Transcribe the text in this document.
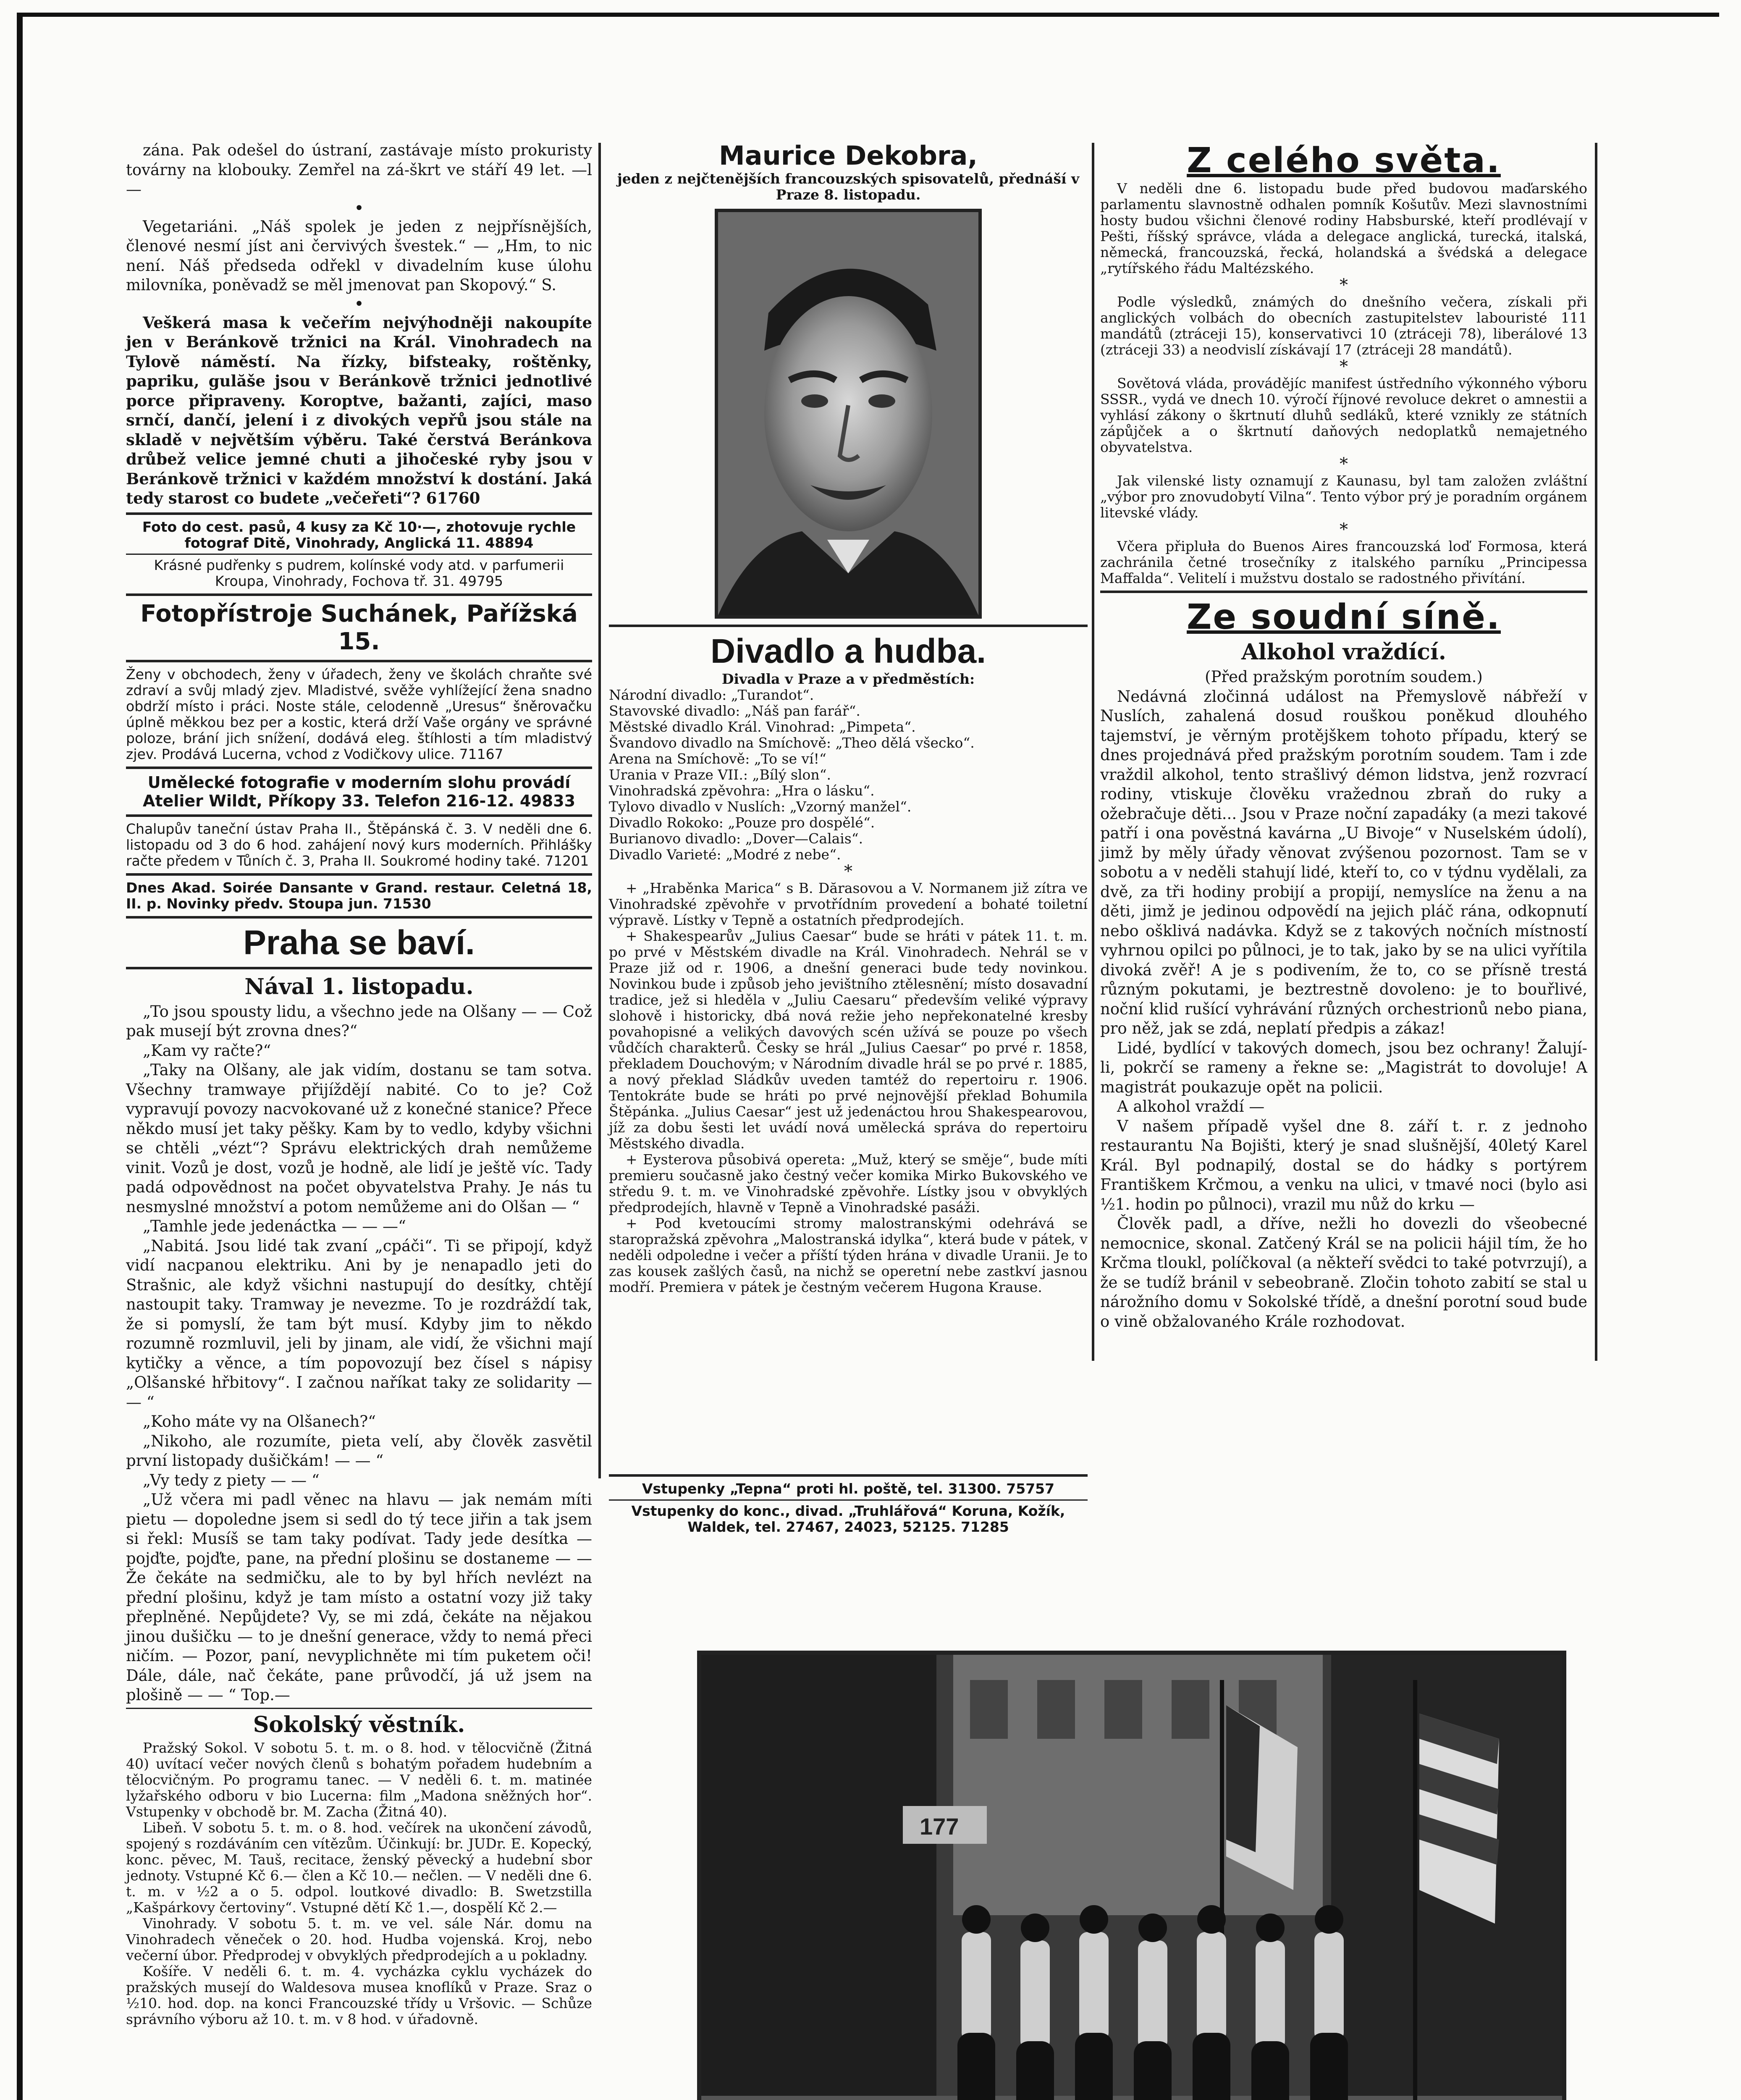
zána. Pak odešel do ústraní, zastávaje místo prokuristy továrny na klobouky. Zemřel na zá-škrt ve stáří 49 let. —l—

•

Vegetariáni. „Náš spolek je jeden z nejpřísnějších, členové nesmí jíst ani červivých švestek.“ — „Hm, to nic není. Náš předseda odřekl v divadelním kuse úlohu milovníka, poněvadž se měl jmenovat pan Skopový.“ S.

•

Veškerá masa k večeřím nejvýhodněji nakoupíte jen v Beránkově tržnici na Král. Vinohradech na Tylově náměstí. Na řízky, bifsteaky, roštěnky, papriku, gulăše jsou v Beránkově tržnici jednotlivé porce připraveny. Koroptve, bažanti, zajíci, maso srnčí, dančí, jelení i z divokých vepřů jsou stále na skladě v největším výběru. Také čerstvá Beránkova drůbež velice jemné chuti a jihočeské ryby jsou v Beránkově tržnici v každém množství k dostání. Jaká tedy starost co budete „večeřeti“? 61760

Foto do cest. pasů, 4 kusy za Kč 10·—, zhotovuje rychle fotograf Ditě, Vinohrady, Anglická 11. 48894

Krásné pudřenky s pudrem, kolínské vody atd. v parfumerii Kroupa, Vinohrady, Fochova tř. 31. 49795

Fotopřístroje Suchánek, Pařížská 15.

Ženy v obchodech, ženy v úřadech, ženy ve školách chraňte své zdraví a svůj mladý zjev. Mladistvé, svěže vyhlížející žena snadno obdrží místo i práci. Noste stále, celodenně „Uresus“ šněrovačku úplně měkkou bez per a kostic, která drží Vaše orgány ve správné poloze, brání jich snížení, dodává eleg. štíhlosti a tím mladistvý zjev. Prodává Lucerna, vchod z Vodičkovy ulice. 71167

Umělecké fotografie v moderním slohu provádí Atelier Wildt, Příkopy 33. Telefon 216-12. 49833

Chalupův taneční ústav Praha II., Štěpánská č. 3. V neděli dne 6. listopadu od 3 do 6 hod. zahájení nový kurs moderních. Přihlášky račte předem v Tůních č. 3, Praha II. Soukromé hodiny také. 71201

Dnes Akad. Soirée Dansante v Grand. restaur. Celetná 18, II. p. Novinky předv. Stoupa jun. 71530

Praha se baví.
Nával 1. listopadu.

„To jsou spousty lidu, a všechno jede na Olšany — — Což pak musejí být zrovna dnes?“

„Kam vy račte?“

„Taky na Olšany, ale jak vidím, dostanu se tam sotva. Všechny tramwaye přijíždějí nabité. Co to je? Což vypravují povozy nacvokované už z konečné stanice? Přece někdo musí jet taky pěšky. Kam by to vedlo, kdyby všichni se chtěli „vézt“? Správu elektrických drah nemůžeme vinit. Vozů je dost, vozů je hodně, ale lidí je ještě víc. Tady padá odpovědnost na počet obyvatelstva Prahy. Je nás tu nesmyslné množství a potom nemůžeme ani do Olšan — “

„Tamhle jede jedenáctka — — —“

„Nabitá. Jsou lidé tak zvaní „cpáči“. Ti se připojí, když vidí nacpanou elektriku. Ani by je nenapadlo jeti do Strašnic, ale když všichni nastupují do desítky, chtějí nastoupit taky. Tramway je nevezme. To je rozdráždí tak, že si pomyslí, že tam být musí. Kdyby jim to někdo rozumně rozmluvil, jeli by jinam, ale vidí, že všichni mají kytičky a věnce, a tím popovozují bez čísel s nápisy „Olšanské hřbitovy“. I začnou naříkat taky ze solidarity — — “

„Koho máte vy na Olšanech?“

„Nikoho, ale rozumíte, pieta velí, aby člověk zasvětil první listopady dušičkám! — — “

„Vy tedy z piety — — “

„Už včera mi padl věnec na hlavu — jak nemám míti pietu — dopoledne jsem si sedl do tý tece jiřin a tak jsem si řekl: Musíš se tam taky podívat. Tady jede desítka — pojďte, pojďte, pane, na přední plošinu se dostaneme — — Že čekáte na sedmičku, ale to by byl hřích nevlézt na přední plošinu, když je tam místo a ostatní vozy již taky přeplněné. Nepůjdete? Vy, se mi zdá, čekáte na nějakou jinou dušičku — to je dnešní generace, vždy to nemá přeci ničím. — Pozor, paní, nevyplichněte mi tím puketem oči! Dále, dále, nač čekáte, pane průvodčí, já už jsem na plošině — — “ Top.—

Sokolský věstník.

Pražský Sokol. V sobotu 5. t. m. o 8. hod. v tělocvičně (Žitná 40) uvítací večer nových členů s bohatým pořadem hudebním a tělocvičným. Po programu tanec. — V neděli 6. t. m. matinée lyžařského odboru v bio Lucerna: film „Madona sněžných hor“. Vstupenky v obchodě br. M. Zacha (Žitná 40).

Libeň. V sobotu 5. t. m. o 8. hod. večírek na ukončení závodů, spojený s rozdáváním cen vítězům. Účinkují: br. JUDr. E. Kopecký, konc. pěvec, M. Tauš, recitace, ženský pěvecký a hudební sbor jednoty. Vstupné Kč 6.— člen a Kč 10.— nečlen. — V neděli dne 6. t. m. v ½2 a o 5. odpol. loutkové divadlo: B. Swetzstilla „Kašpárkovy čertoviny“. Vstupné dětí Kč 1.—, dospělí Kč 2.—

Vinohrady. V sobotu 5. t. m. ve vel. sále Nár. domu na Vinohradech věneček o 20. hod. Hudba vojenská. Kroj, nebo večerní úbor. Předprodej v obvyklých předprodejích a u pokladny.

Košíře. V neděli 6. t. m. 4. vycházka cyklu vycházek do pražských musejí do Waldesova musea knoflíků v Praze. Sraz o ½10. hod. dop. na konci Francouzské třídy u Vršovic. — Schůze správního výboru až 10. t. m. v 8 hod. v úřadovně.

Maurice Dekobra,

jeden z nejčtenějších francouzských spisovatelů, přednáší v Praze 8. listopadu.

Divadlo a hudba.

Divadla v Praze a v předměstích:

Národní divadlo: „Turandot“.

Stavovské divadlo: „Náš pan farář“.

Městské divadlo Král. Vinohrad: „Pimpeta“.

Švandovo divadlo na Smíchově: „Theo dělá všecko“.

Arena na Smíchově: „To se ví!“

Urania v Praze VII.: „Bílý slon“.

Vinohradská zpěvohra: „Hra o lásku“.

Tylovo divadlo v Nuslích: „Vzorný manžel“.

Divadlo Rokoko: „Pouze pro dospělé“.

Burianovo divadlo: „Dover—Calais“.

Divadlo Varieté: „Modré z nebe“.

*

+ „Hraběnka Marica“ s B. Dărasovou a V. Normanem již zítra ve Vinohradské zpěvohře v prvotřídním provedení a bohaté toiletní výpravě. Lístky v Tepně a ostatních předprodejích.

+ Shakespearův „Julius Caesar“ bude se hráti v pátek 11. t. m. po prvé v Městském divadle na Král. Vinohradech. Nehrál se v Praze již od r. 1906, a dnešní generaci bude tedy novinkou. Novinkou bude i způsob jeho jevištního ztělesnění; místo dosavadní tradice, jež si hleděla v „Juliu Caesaru“ především veliké výpravy slohově i historicky, dbá nová režie jeho nepřekonatelné kresby povahopisné a velikých davových scén užívá se pouze po všech vůdčích charakterů. Česky se hrál „Julius Caesar“ po prvé r. 1858, překladem Douchovým; v Národním divadle hrál se po prvé r. 1885, a nový překlad Sládkův uveden tamtéž do repertoiru r. 1906. Tentokráte bude se hráti po prvé nejnovější překlad Bohumila Štěpánka. „Julius Caesar“ jest už jedenáctou hrou Shakespearovou, jíž za dobu šesti let uvádí nová umělecká správa do repertoiru Městského divadla.

+ Eysterova působivá opereta: „Muž, který se směje“, bude míti premieru současně jako čestný večer komika Mirko Bukovského ve středu 9. t. m. ve Vinohradské zpěvohře. Lístky jsou v obvyklých předprodejích, hlavně v Tepně a Vinohradské pasáži.

+ Pod kvetoucími stromy malostranskými odehrává se staropražská zpěvohra „Malostranská idylka“, která bude v pátek, v neděli odpoledne i večer a příští týden hrána v divadle Uranii. Je to zas kousek zašlých časů, na nichž se operetní nebe zastkví jasnou modří. Premiera v pátek je čestným večerem Hugona Krause.

Vstupenky „Tepna“ proti hl. poště, tel. 31300. 75757

Vstupenky do konc., divad. „Truhlářová“ Koruna, Kožík, Waldek, tel. 27467, 24023, 52125. 71285

Z celého světa.

V neděli dne 6. listopadu bude před budovou maďarského parlamentu slavnostně odhalen pomník Košutův. Mezi slavnostními hosty budou všichni členové rodiny Habsburské, kteří prodlévají v Pešti, říšský správce, vláda a delegace anglická, turecká, italská, německá, francouzská, řecká, holandská a švédská a delegace „rytířského řádu Maltézského.

*

Podle výsledků, známých do dnešního večera, získali při anglických volbách do obecních zastupitelstev labouristé 111 mandátů (ztráceji 15), konservativci 10 (ztráceji 78), liberálové 13 (ztráceji 33) a neodvislí získávají 17 (ztráceji 28 mandátů).

*

Sovětová vláda, provádějíc manifest ústředního výkonného výboru SSSR., vydá ve dnech 10. výročí říjnové revoluce dekret o amnestii a vyhlásí zákony o škrtnutí dluhů sedláků, které vznikly ze státních zápůjček a o škrtnutí daňových nedoplatků nemajetného obyvatelstva.

*

Jak vilenské listy oznamují z Kaunasu, byl tam založen zvláštní „výbor pro znovudobytí Vilna“. Tento výbor prý je poradním orgánem litevské vlády.

*

Včera připluła do Buenos Aires francouzská loď Formosa, která zachránila četné trosečníky z italského parníku „Principessa Maffalda“. Velitelí i mužstvu dostalo se radostného přivítání.

Ze soudní síně.
Alkohol vraždící.

(Před pražským porotním soudem.)

Nedávná zločinná událost na Přemyslově nábřeží v Nuslích, zahalená dosud rouškou poněkud dlouhého tajemství, je věrným protějškem tohoto případu, který se dnes projednává před pražským porotním soudem. Tam i zde vraždil alkohol, tento strašlivý démon lidstva, jenž rozvrací rodiny, vtiskuje člověku vražednou zbraň do ruky a ožebračuje děti... Jsou v Praze noční zapadáky (a mezi takové patří i ona pověstná kavárna „U Bivoje“ v Nuselském údolí), jimž by měly úřady věnovat zvýšenou pozornost. Tam se v sobotu a v neděli stahují lidé, kteří to, co v týdnu vydělali, za dvě, za tři hodiny probijí a propijí, nemyslíce na ženu a na děti, jimž je jedinou odpovědí na jejich pláč rána, odkopnutí nebo ošklivá nadávka. Když se z takových nočních místností vyhrnou opilci po půlnoci, je to tak, jako by se na ulici vyřítila divoká zvěř! A je s podivením, že to, co se přísně trestá různým pokutami, je beztrestně dovoleno: je to bouřlivé, noční klid rušící vyhrávání různých orchestrionů nebo piana, pro něž, jak se zdá, neplatí předpis a zákaz!

Lidé, bydlící v takových domech, jsou bez ochrany! Žalují-li, pokrčí se rameny a řekne se: „Magistrát to dovoluje! A magistrát poukazuje opět na policii.

A alkohol vraždí —

V našem případě vyšel dne 8. září t. r. z jednoho restaurantu Na Bojišti, který je snad slušnější, 40letý Karel Král. Byl podnapilý, dostal se do hádky s portýrem Františkem Krčmou, a venku na ulici, v tmavé noci (bylo asi ½1. hodin po půlnoci), vrazil mu nůž do krku —

Člověk padl, a dříve, nežli ho dovezli do všeobecné nemocnice, skonal. Zatčený Král se na policii hájil tím, že ho Krčma tloukl, políčkoval (a někteří svědci to také potvrzují), a že se tudíž bránil v sebeobraně. Zločin tohoto zabití se stal u nárožního domu v Sokolské třídě, a dnešní porotní soud bude o vině obžalovaného Krále rozhodovat.

177
